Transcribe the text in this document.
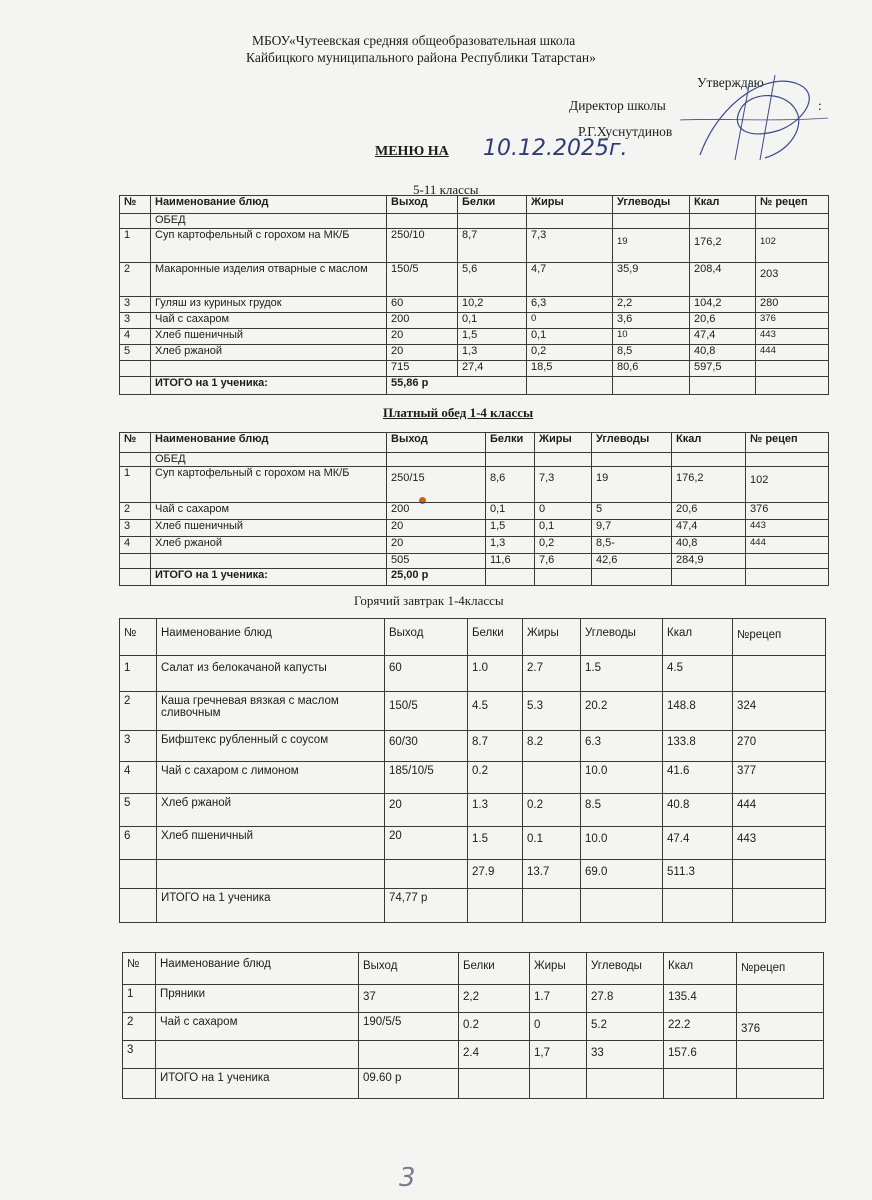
МБОУ«Чутеевская средняя общеобразовательная школа
Кайбицкого муниципального района Республики Татарстан»
Утверждаю
Директор школы	:
Р.Г.Хуснутдинов
МЕНЮ НА 10.12.2025г.
5-11 классы
№	Наименование блюд	Выход	Белки	Жиры	Углеводы	Ккал	№ рецеп
	ОБЕД						
1	Суп картофельный с горохом на МК/Б	250/10	8,7	7,3	19	176,2	102
2	Макаронные изделия отварные с маслом	150/5	5,6	4,7	35,9	208,4	203
3	Гуляш из куриных грудок	60	10,2	6,3	2,2	104,2	280
3	Чай с сахаром	200	0,1	0	3,6	20,6	376
4	Хлеб пшеничный	20	1,5	0,1	10	47,4	443
5	Хлеб ржаной	20	1,3	0,2	8,5	40,8	444
		715	27,4	18,5	80,6	597,5	
	ИТОГО на 1 ученика:	55,86 р					
Платный обед 1-4 классы
№	Наименование блюд	Выход	Белки	Жиры	Углеводы	Ккал	№ рецеп
	ОБЕД						
1	Суп картофельный с горохом на МК/Б	250/15	8,6	7,3	19	176,2	102
2	Чай с сахаром	200	0,1	0	5	20,6	376
3	Хлеб пшеничный	20	1,5	0,1	9,7	47,4	443
4	Хлеб ржаной	20	1,3	0,2	8,5-	40,8	444
		505	11,6	7,6	42,6	284,9	
	ИТОГО на 1 ученика:	25,00 р					
Горячий завтрак 1-4классы
№	Наименование блюд	Выход	Белки	Жиры	Углеводы	Ккал	№рецеп
1	Салат из белокачаной капусты	60	1.0	2.7	1.5	4.5	
2	Каша гречневая вязкая с маслом сливочным	150/5	4.5	5.3	20.2	148.8	324
3	Бифштекс рубленный с соусом	60/30	8.7	8.2	6.3	133.8	270
4	Чай с сахаром с лимоном	185/10/5	0.2		10.0	41.6	377
5	Хлеб ржаной	20	1.3	0.2	8.5	40.8	444
6	Хлеб пшеничный	20	1.5	0.1	10.0	47.4	443
			27.9	13.7	69.0	511.3	
	ИТОГО на 1 ученика	74,77 р					
№	Наименование блюд	Выход	Белки	Жиры	Углеводы	Ккал	№рецеп
1	Пряники	37	2,2	1.7	27.8	135.4	
2	Чай с сахаром	190/5/5	0.2	0	5.2	22.2	376
3			2.4	1,7	33	157.6	
	ИТОГО на 1 ученика	09.60 р					
3
